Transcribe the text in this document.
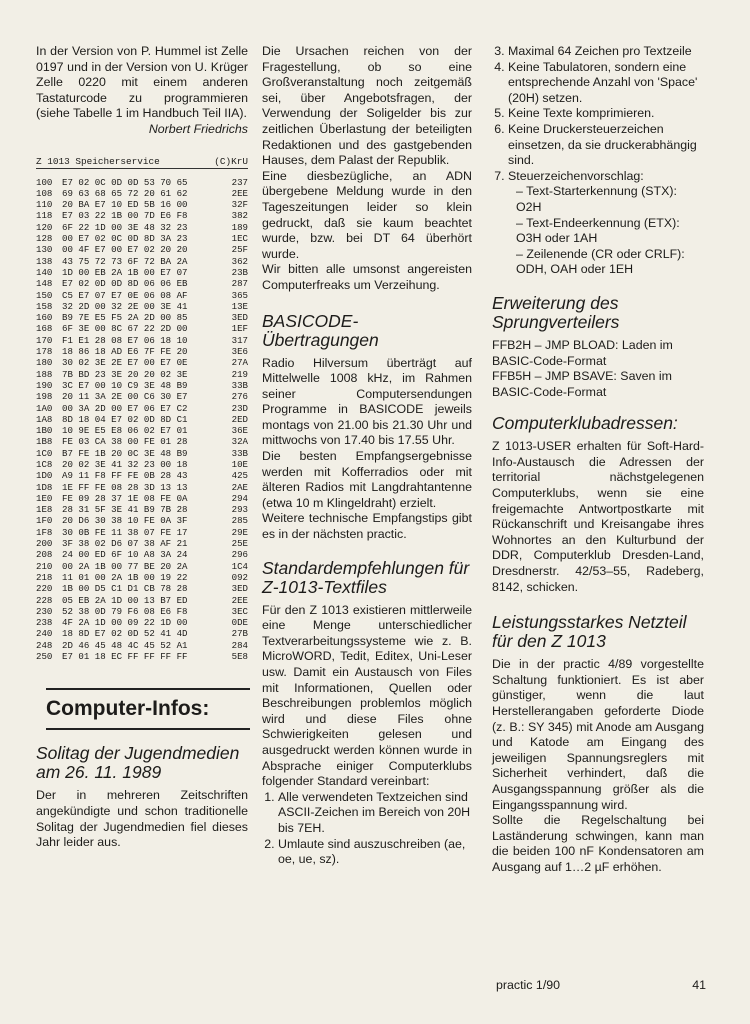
In der Version von P. Hummel ist Zelle 0197 und in der Version von U. Krüger Zelle 0220 mit einem anderen Tastaturcode zu programmieren (siehe Tabelle 1 im Handbuch Teil IIA).

Norbert Friedrichs
Z 1013 Speicherservice	(C)KrU
100	E7 02 0C 0D 0D 53 70 65	237
108	69 63 68 65 72 20 61 62	2EE
110	20 BA E7 10 ED 5B 16 00	32F
118	E7 03 22 1B 00 7D E6 F8	382
120	6F 22 1D 00 3E 48 32 23	189
128	00 E7 02 0C 0D 8D 3A 23	1EC
130	00 4F E7 00 E7 02 20 20	25F
138	43 75 72 73 6F 72 BA 2A	362
140	1D 00 EB 2A 1B 00 E7 07	23B
148	E7 02 0D 0D 8D 06 06 EB	287
150	C5 E7 07 E7 0E 06 08 AF	365
158	32 2D 00 32 2E 00 3E 41	13E
160	B9 7E E5 F5 2A 2D 00 85	3ED
168	6F 3E 00 8C 67 22 2D 00	1EF
170	F1 E1 28 08 E7 06 18 10	317
178	18 86 18 AD E6 7F FE 20	3E6
180	30 02 3E 2E E7 00 E7 0E	27A
188	7B BD 23 3E 20 20 02 3E	219
190	3C E7 00 10 C9 3E 48 B9	33B
198	20 11 3A 2E 00 C6 30 E7	276
1A0	00 3A 2D 00 E7 06 E7 C2	23D
1A8	8D 18 04 E7 02 0D 8D C1	2ED
1B0	10 9E E5 E8 06 02 E7 01	36E
1B8	FE 03 CA 38 00 FE 01 28	32A
1C0	B7 FE 1B 20 0C 3E 48 B9	33B
1C8	20 02 3E 41 32 23 00 18	10E
1D0	A9 11 F8 FF FE 0B 28 43	425
1D8	1E FF FE 08 28 3D 13 13	2AE
1E0	FE 09 28 37 1E 08 FE 0A	294
1E8	28 31 5F 3E 41 B9 7B 28	293
1F0	20 D6 30 38 10 FE 0A 3F	285
1F8	30 0B FE 11 38 07 FE 17	29E
200	3F 38 02 D6 07 38 AF 21	25E
208	24 00 ED 6F 10 A8 3A 24	296
210	00 2A 1B 00 77 BE 20 2A	1C4
218	11 01 00 2A 1B 00 19 22	092
220	1B 00 D5 C1 D1 CB 78 28	3ED
228	05 EB 2A 1D 00 13 B7 ED	2EE
230	52 38 0D 79 F6 08 E6 F8	3EC
238	4F 2A 1D 00 09 22 1D 00	0DE
240	18 8D E7 02 0D 52 41 4D	27B
248	2D 46 45 48 4C 45 52 A1	284
250	E7 01 18 EC FF FF FF FF	5E8
Computer-Infos:
Solitag der Jugendmedien am 26. 11. 1989

Der in mehreren Zeitschriften angekündigte und schon traditionelle Solitag der Jugendmedien fiel dieses Jahr leider aus.

Die Ursachen reichen von der Fragestellung, ob so eine Großveranstaltung noch zeitgemäß sei, über Angebotsfragen, der Verwendung der Soligelder bis zur zeitlichen Überlastung der beteiligten Redaktionen und des gastgebenden Hauses, dem Palast der Republik.

Eine diesbezügliche, an ADN übergebene Meldung wurde in den Tageszeitungen leider so klein gedruckt, daß sie kaum beachtet wurde, bzw. bei DT 64 überhört wurde.

Wir bitten alle umsonst angereisten Computerfreaks um Verzeihung.

BASICODE-Übertragungen

Radio Hilversum überträgt auf Mittelwelle 1008 kHz, im Rahmen seiner Computersendungen Programme in BASICODE jeweils montags von 21.00 bis 21.30 Uhr und mittwochs von 17.40 bis 17.55 Uhr.

Die besten Empfangsergebnisse werden mit Kofferradios oder mit älteren Radios mit Langdrahtantenne (etwa 10 m Klingeldraht) erzielt.

Weitere technische Empfangstips gibt es in der nächsten practic.

Standardempfehlungen für Z-1013-Textfiles

Für den Z 1013 existieren mittlerweile eine Menge unterschiedlicher Textverarbeitungssysteme wie z. B. MicroWORD, Tedit, Editex, Uni-Leser usw. Damit ein Austausch von Files mit Informationen, Quellen oder Beschreibungen problemlos möglich wird und diese Files ohne Schwierigkeiten gelesen und ausgedruckt werden können wurde in Absprache einiger Computerklubs folgender Standard vereinbart:

1. Alle verwendeten Textzeichen sind ASCII-Zeichen im Bereich von 20H bis 7EH.
2. Umlaute sind auszuschreiben (ae, oe, ue, sz).
3. Maximal 64 Zeichen pro Textzeile
4. Keine Tabulatoren, sondern eine entsprechende Anzahl von 'Space' (20H) setzen.
5. Keine Texte komprimieren.
6. Keine Druckersteuerzeichen einsetzen, da sie druckerabhängig sind.
7. Steuerzeichenvorschlag:
– Text-Starterkennung (STX): O2H
– Text-Endeerkennung (ETX): O3H oder 1AH
– Zeilenende (CR oder CRLF): ODH, OAH oder 1EH
Erweiterung des Sprungverteilers

FFB2H – JMP BLOAD: Laden im BASIC-Code-Format

FFB5H – JMP BSAVE: Saven im BASIC-Code-Format

Computerklubadressen:

Z 1013-USER erhalten für Soft-Hard-Info-Austausch die Adressen der territorial nächstgelegenen Computerklubs, wenn sie eine freigemachte Antwortpostkarte mit Rückanschrift und Kreisangabe ihres Wohnortes an den Kulturbund der DDR, Computerklub Dresden-Land, Dresdnerstr. 42/53–55, Radeberg, 8142, schicken.

Leistungsstarkes Netzteil für den Z 1013

Die in der practic 4/89 vorgestellte Schaltung funktioniert. Es ist aber günstiger, wenn die laut Herstellerangaben geforderte Diode (z. B.: SY 345) mit Anode am Ausgang und Katode am Eingang des jeweiligen Spannungsreglers mit Sicherheit verhindert, daß die Ausgangsspannung größer als die Eingangsspannung wird.

Sollte die Regelschaltung bei Laständerung schwingen, kann man die beiden 100 nF Kondensatoren am Ausgang auf 1…2 µF erhöhen.

practic 1/90	41
